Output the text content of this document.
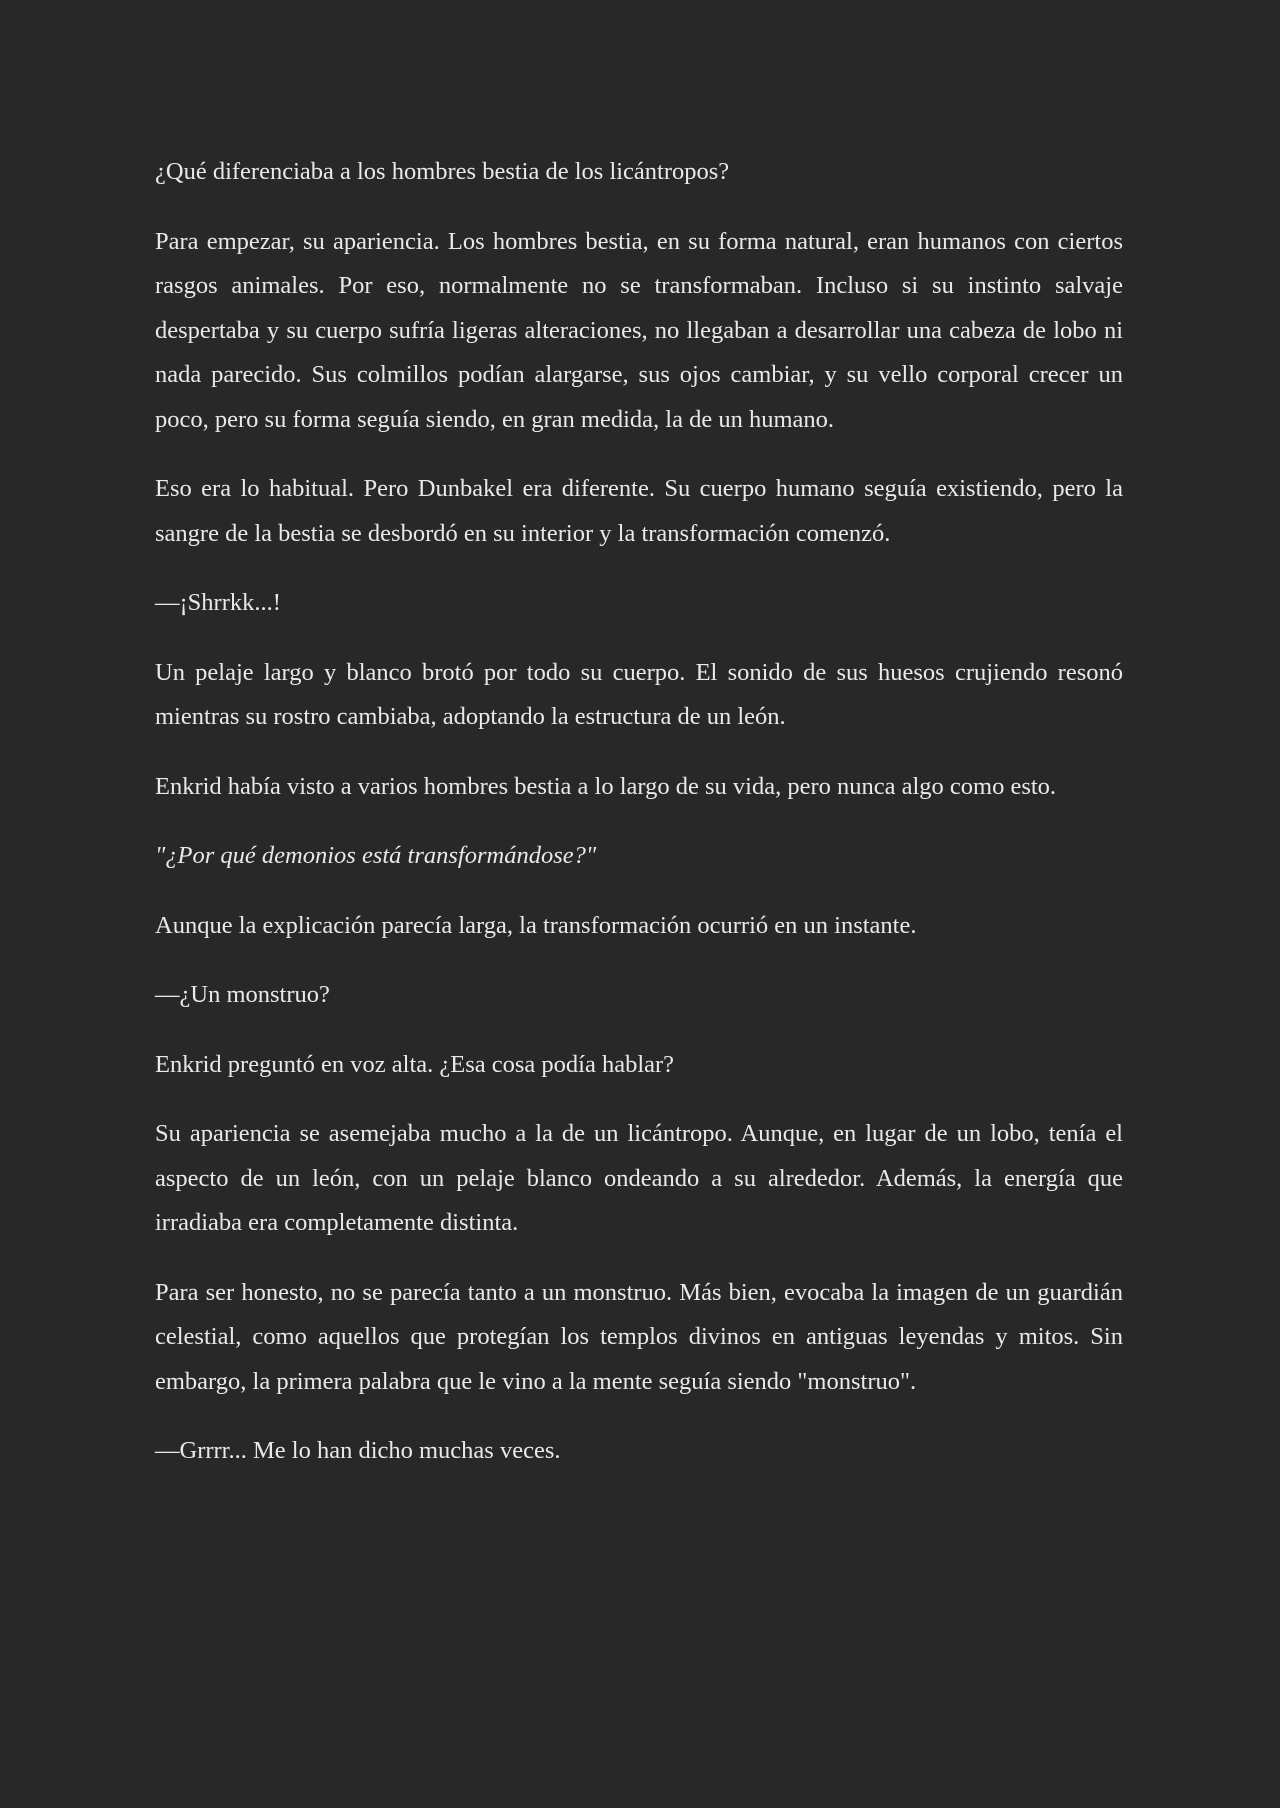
¿Qué diferenciaba a los hombres bestia de los licántropos?

Para empezar, su apariencia. Los hombres bestia, en su forma natural, eran humanos con ciertos rasgos animales. Por eso, normalmente no se transformaban. Incluso si su instinto salvaje despertaba y su cuerpo sufría ligeras alteraciones, no llegaban a desarrollar una cabeza de lobo ni nada parecido. Sus colmillos podían alargarse, sus ojos cambiar, y su vello corporal crecer un poco, pero su forma seguía siendo, en gran medida, la de un humano.

Eso era lo habitual. Pero Dunbakel era diferente. Su cuerpo humano seguía existiendo, pero la sangre de la bestia se desbordó en su interior y la transformación comenzó.

—¡Shrrkk...!

Un pelaje largo y blanco brotó por todo su cuerpo. El sonido de sus huesos crujiendo resonó mientras su rostro cambiaba, adoptando la estructura de un león.

Enkrid había visto a varios hombres bestia a lo largo de su vida, pero nunca algo como esto.

"¿Por qué demonios está transformándose?"

Aunque la explicación parecía larga, la transformación ocurrió en un instante.

—¿Un monstruo?

Enkrid preguntó en voz alta. ¿Esa cosa podía hablar?

Su apariencia se asemejaba mucho a la de un licántropo. Aunque, en lugar de un lobo, tenía el aspecto de un león, con un pelaje blanco ondeando a su alrededor. Además, la energía que irradiaba era completamente distinta.

Para ser honesto, no se parecía tanto a un monstruo. Más bien, evocaba la imagen de un guardián celestial, como aquellos que protegían los templos divinos en antiguas leyendas y mitos. Sin embargo, la primera palabra que le vino a la mente seguía siendo "monstruo".

—Grrrr... Me lo han dicho muchas veces.
